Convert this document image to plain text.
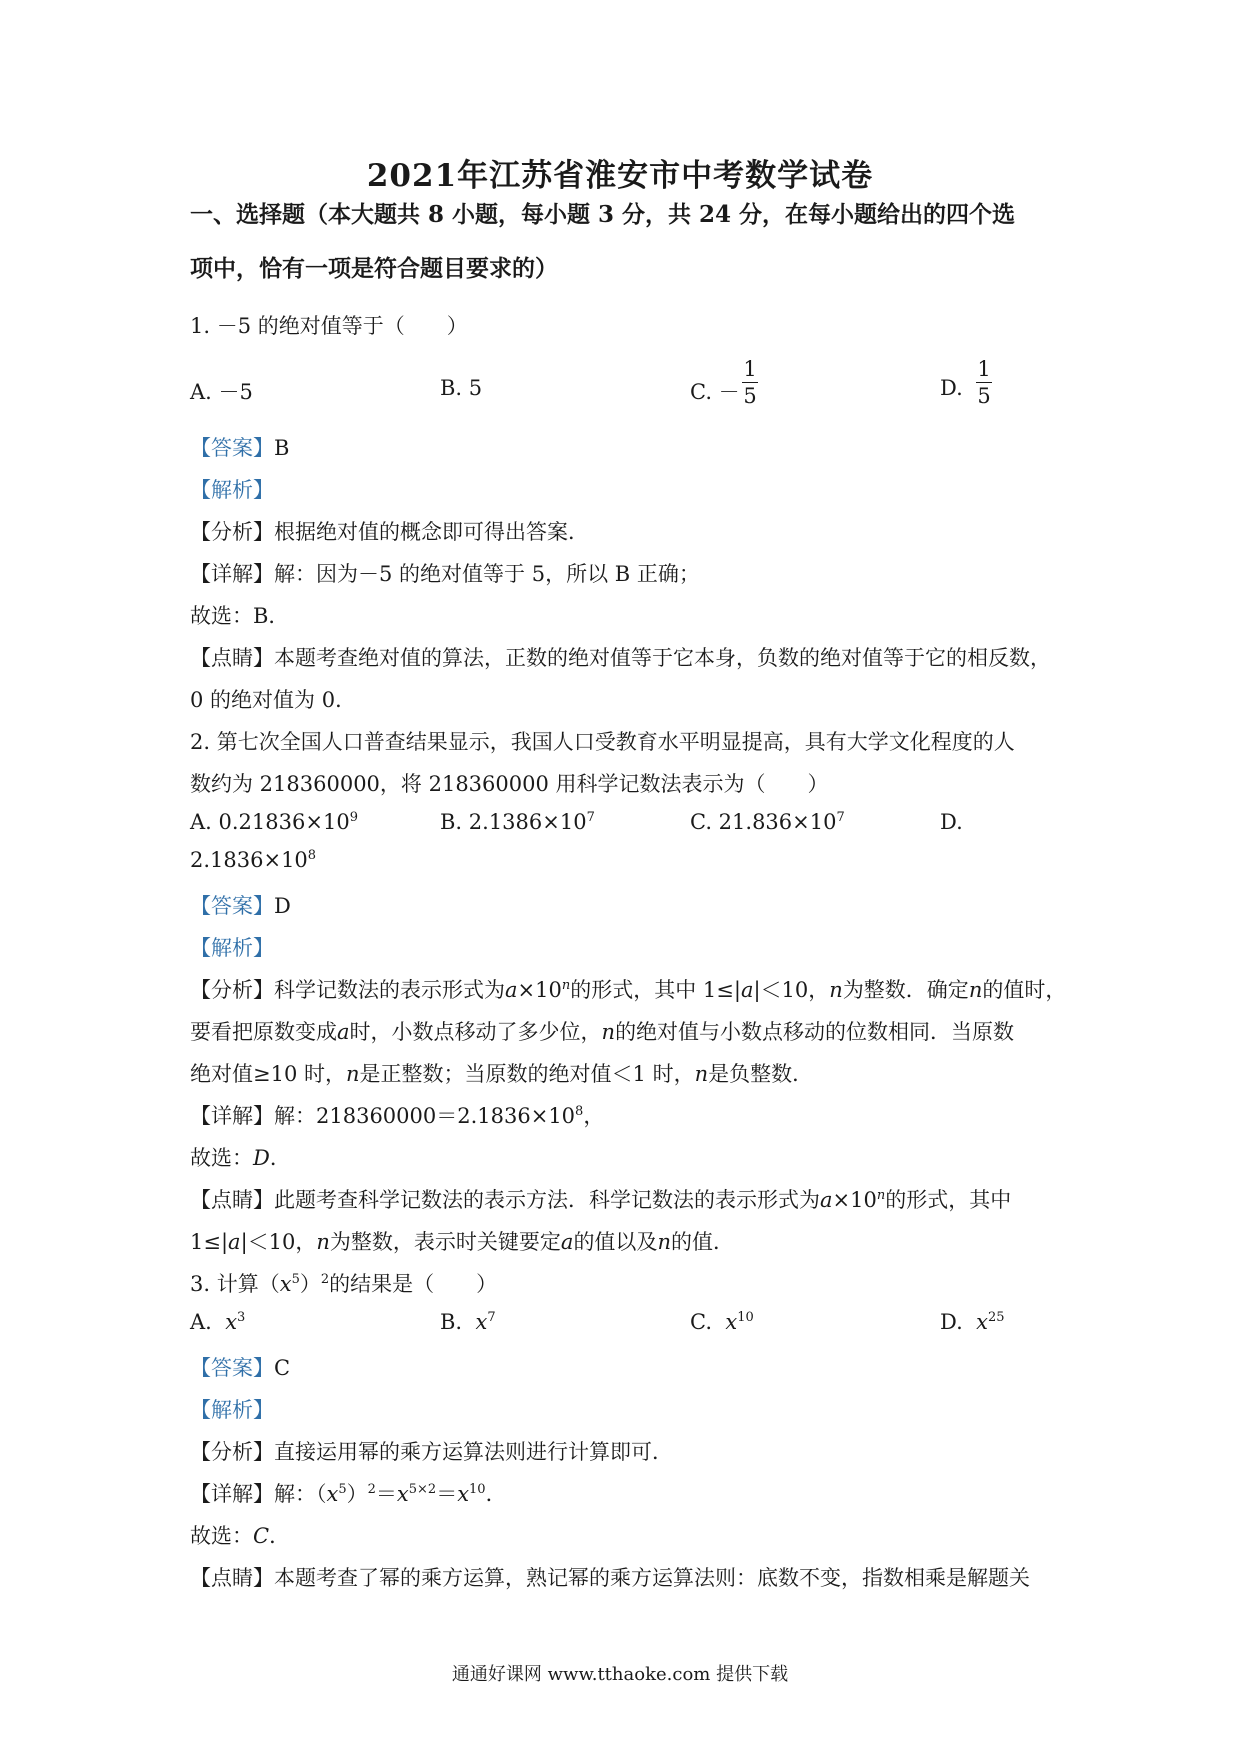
2021年江苏省淮安市中考数学试卷
一、选择题（本大题共 8 小题，每小题 3 分，共 24 分，在每小题给出的四个选
项中，恰有一项是符合题目要求的）
1. －5 的绝对值等于（　　）
A. －5	B. 5	C. －
1
5	D.
1
5
【答案】B
【解析】
【分析】根据绝对值的概念即可得出答案．
【详解】解：因为－5 的绝对值等于 5，所以 B 正确；
故选：B．
【点睛】本题考查绝对值的算法，正数的绝对值等于它本身，负数的绝对值等于它的相反数，
0 的绝对值为 0．
2. 第七次全国人口普查结果显示，我国人口受教育水平明显提高，具有大学文化程度的人
数约为 218360000，将 218360000 用科学记数法表示为（　　）
A. $0.21836\times 10^9$	B. $2.1386\times 10^7$	C. $21.836\times 10^7$	D.
$2.1836\times 10^8$
【答案】D
【解析】
【分析】科学记数法的表示形式为$a\times 10^n$的形式，其中 1≤|a|＜10，n为整数．确定n的值时，
要看把原数变成a时，小数点移动了多少位，n的绝对值与小数点移动的位数相同．当原数
绝对值≥10 时，n是正整数；当原数的绝对值＜1 时，n是负整数．
【详解】解：$218360000=2.1836\times 10^8$，
故选：D．
【点睛】此题考查科学记数法的表示方法．科学记数法的表示形式为$a\times 10^n$的形式，其中
1≤|a|＜10，n为整数，表示时关键要定a的值以及n的值．
3. 计算$(x^5)^2$的结果是（　　）
A. $x^3$	B. $x^7$	C. $x^{10}$	D. $x^{25}$
【答案】C
【解析】
【分析】直接运用幂的乘方运算法则进行计算即可．
【详解】解：$(x^5)^2=x^{5\times 2}=x^{10}$．
故选：C．
【点睛】本题考查了幂的乘方运算，熟记幂的乘方运算法则：底数不变，指数相乘是解题关
通通好课网 www.tthaoke.com 提供下载
